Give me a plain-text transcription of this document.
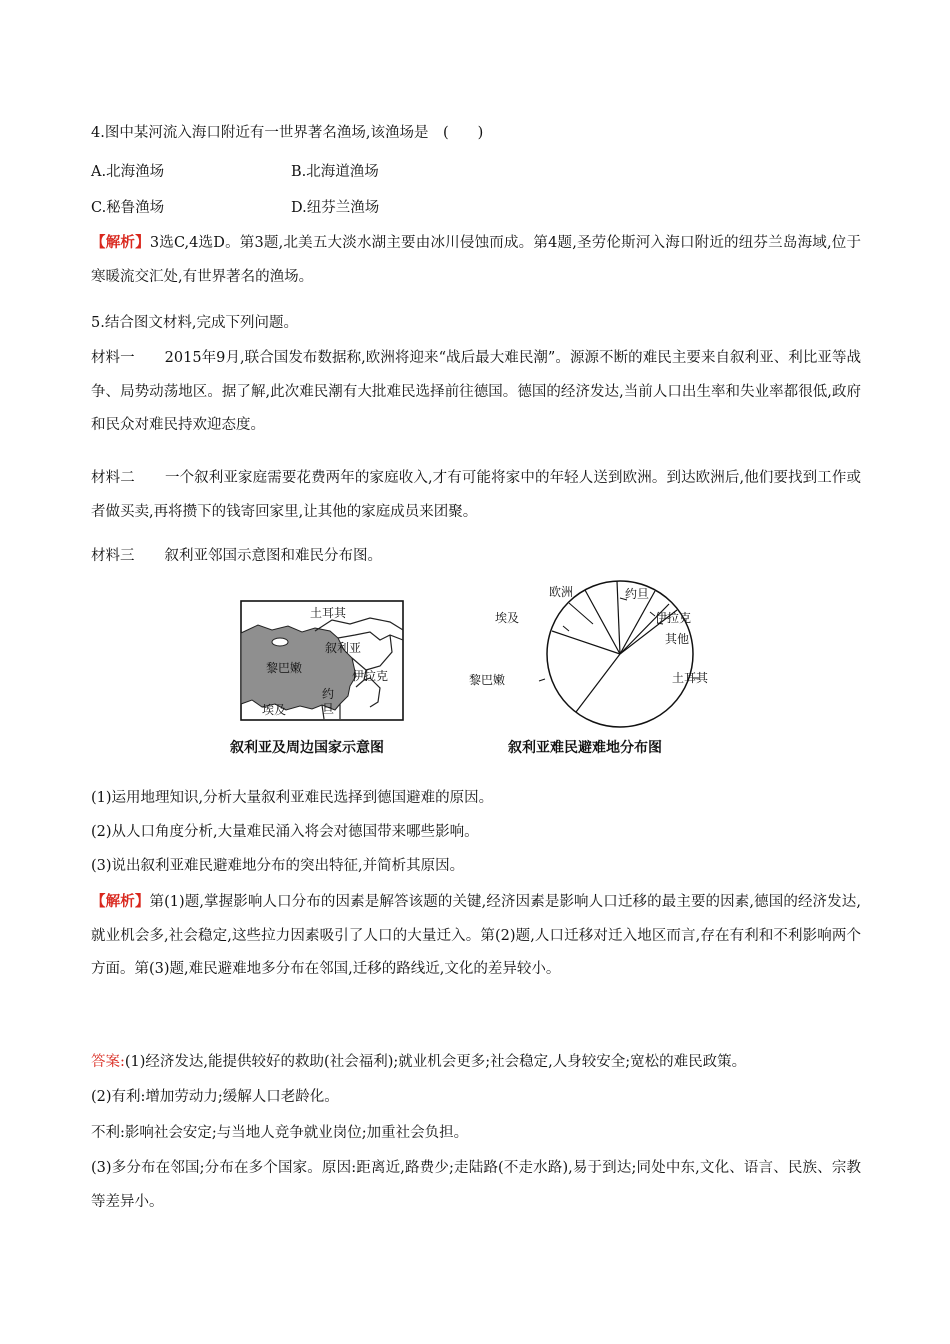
4.图中某河流入海口附近有一世界著名渔场,该渔场是　(　　)
A.北海渔场	B.北海道渔场
C.秘鲁渔场	D.纽芬兰渔场
【解析】3选C,4选D。第3题,北美五大淡水湖主要由冰川侵蚀而成。第4题,圣劳伦斯河入海口附近的纽芬兰岛海域,位于寒暖流交汇处,有世界著名的渔场。
5.结合图文材料,完成下列问题。
材料一 2015年9月,联合国发布数据称,欧洲将迎来“战后最大难民潮”。源源不断的难民主要来自叙利亚、利比亚等战争、局势动荡地区。据了解,此次难民潮有大批难民选择前往德国。德国的经济发达,当前人口出生率和失业率都很低,政府和民众对难民持欢迎态度。
材料二 一个叙利亚家庭需要花费两年的家庭收入,才有可能将家中的年轻人送到欧洲。到达欧洲后,他们要找到工作或者做买卖,再将攒下的钱寄回家里,让其他的家庭成员来团聚。
材料三 叙利亚邻国示意图和难民分布图。
土耳其
叙利亚
黎巴嫩
伊拉克
埃及
约
旦
叙利亚及周边国家示意图
欧洲	约旦
伊拉克
其他
埃及
黎巴嫩	土耳其
叙利亚难民避难地分布图
(1)运用地理知识,分析大量叙利亚难民选择到德国避难的原因。
(2)从人口角度分析,大量难民涌入将会对德国带来哪些影响。
(3)说出叙利亚难民避难地分布的突出特征,并简析其原因。
【解析】第(1)题,掌握影响人口分布的因素是解答该题的关键,经济因素是影响人口迁移的最主要的因素,德国的经济发达,就业机会多,社会稳定,这些拉力因素吸引了人口的大量迁入。第(2)题,人口迁移对迁入地区而言,存在有利和不利影响两个方面。第(3)题,难民避难地多分布在邻国,迁移的路线近,文化的差异较小。
答案:(1)经济发达,能提供较好的救助(社会福利);就业机会更多;社会稳定,人身较安全;宽松的难民政策。
(2)有利:增加劳动力;缓解人口老龄化。
不利:影响社会安定;与当地人竞争就业岗位;加重社会负担。
(3)多分布在邻国;分布在多个国家。原因:距离近,路费少;走陆路(不走水路),易于到达;同处中东,文化、语言、民族、宗教等差异小。
